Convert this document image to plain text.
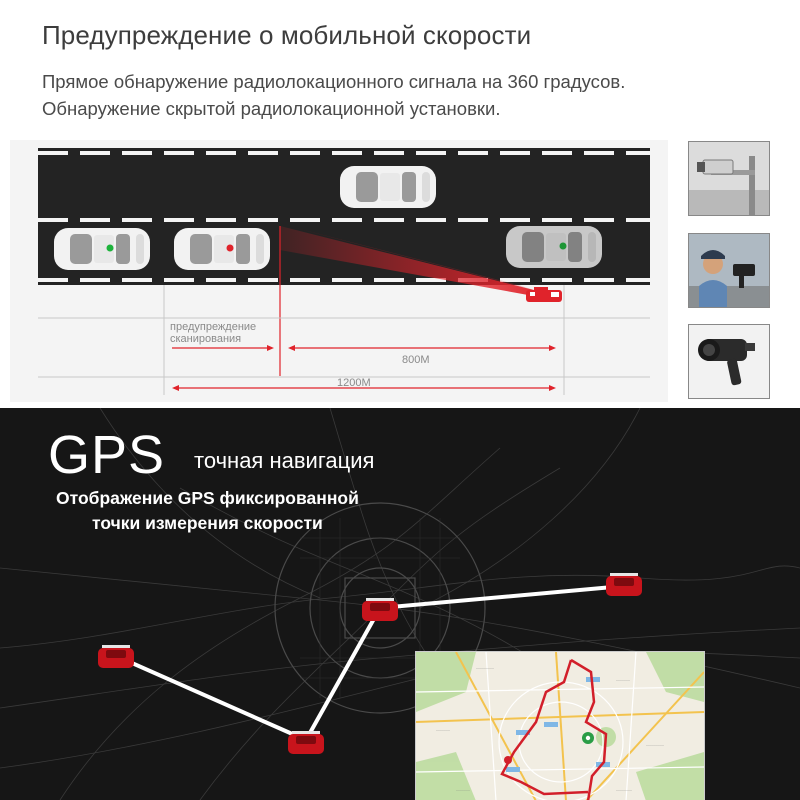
Предупреждение о мобильной скорости
Прямое обнаружение радиолокационного сигнала на 360 градусов.
Обнаружение скрытой радиолокационной установки.
предупреждение
сканирования
800M
1200M
GPS точная навигация
Отображение GPS фиксированной
точки измерения скорости
·········
·······
·······
·········
·······	········
